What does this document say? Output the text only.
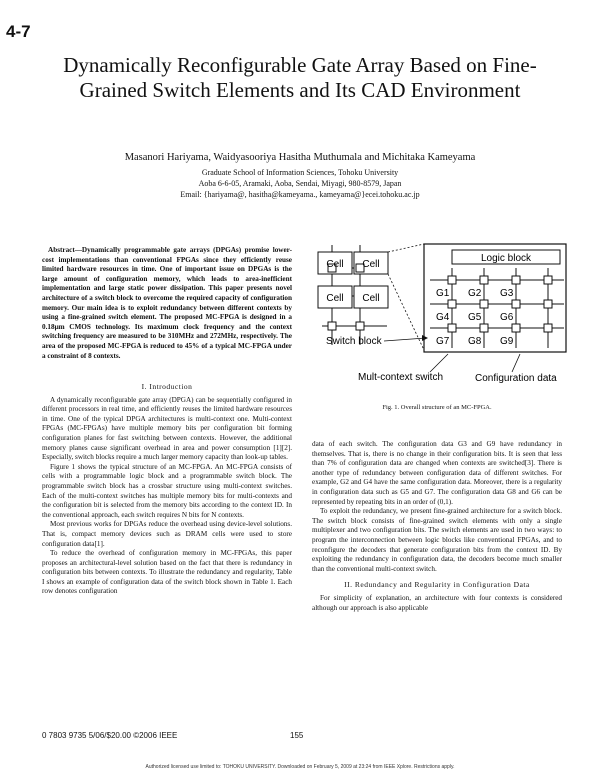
4-7
Dynamically Reconfigurable Gate Array Based on Fine-Grained Switch Elements and Its CAD Environment
Masanori Hariyama, Waidyasooriya Hasitha Muthumala and Michitaka Kameyama
Graduate School of Information Sciences, Tohoku University
Aoba 6-6-05, Aramaki, Aoba, Sendai, Miyagi, 980-8579, Japan
Email: {hariyama@, hasitha@kameyama., kameyama@}ecei.tohoku.ac.jp

Abstract—Dynamically programmable gate arrays (DPGAs) promise lower-cost implementations than conventional FPGAs since they efficiently reuse limited hardware resources in time. One of important issue on DPGAs is the large amount of configuration memory, which leads to area-inefficient implementation and large static power dissipation. This paper presents novel architecture of a switch block to overcome the required capacity of configuration memory. Our main idea is to exploit redundancy between different contexts by using a fine-grained switch element. The proposed MC-FPGA is designed in a 0.18μm CMOS technology. Its maximum clock frequency and the context switching frequency are measured to be 310MHz and 272MHz, respectively. The area of the proposed MC-FPGA is reduced to 45% of a typical MC-FPGA under a constraint of 8 contexts.

I. Introduction

A dynamically reconfigurable gate array (DPGA) can be sequentially configured in different processors in real time, and efficiently reuses the limited hardware resources in time. One of the typical DPGA architectures is multi-context one. Multi-context FPGAs (MC-FPGAs) have multiple memory bits per configuration bit forming configuration planes for fast switching between contexts. However, the additional memory planes cause significant overhead in area and power consumption [1][2]. Especially, switch blocks require a much larger memory capacity than look-up tables.

Figure 1 shows the typical structure of an MC-FPGA. An MC-FPGA consists of cells with a programmable logic block and a programmable switch block. The programmable switch block has a crossbar structure using multi-context switches. Each of the multi-context switches has multiple memory bits for multi-contexts and the configuration bit is selected from the memory bits according to the context ID. In the conventional approach, each switch requires N bits for N contexts.

Most previous works for DPGAs reduce the overhead using device-level solutions. That is, compact memory devices such as DRAM cells were used to store configuration data[1].

To reduce the overhead of configuration memory in MC-FPGAs, this paper proposes an architectural-level solution based on the fact that there is redundancy in configuration bits between contexts. To illustrate the redundancy and regularity, Table I shows an example of configuration data of the switch block shown in Table 1. Each row denotes configuration

Cell Cell
Cell Cell
Logic block
G1 G2 G3
G4 G5 G6
G7 G8 G9
Switch block
Mult-context switch	Configuration data
Fig. 1. Overall structure of an MC-FPGA.

data of each switch. The configuration data G3 and G9 have redundancy in themselves. That is, there is no change in their configuration bits. It is seen that less than 7% of configuration data are changed when contexts are switched[3]. There is another type of redundancy between configuration data of different switches. For example, G2 and G4 have the same configuration data. Moreover, there is a regularity in configuration data such as G5 and G7. The configuration data G8 and G6 can be represented by repeating bits in an order of (0,1).

To exploit the redundancy, we present fine-grained architecture for a switch block. The switch block consists of fine-grained switch elements with only a single multiplexer and two configuration bits. The switch elements are used in two ways: to program the interconnection between logic blocks like conventional FPGAs, and to reconfigure the decoders that generate configuration bits from the context ID. By exploiting the redundancy in configuration data, the decoders become much smaller than the conventional multi-context switch.

II. Redundancy and Regularity in Configuration Data

For simplicity of explanation, an architecture with four contexts is considered although our approach is also applicable

0 7803 9735 5/06/$20.00 ©2006 IEEE	155
Authorized licensed use limited to: TOHOKU UNIVERSITY. Downloaded on February 5, 2009 at 23:24 from IEEE Xplore. Restrictions apply.
